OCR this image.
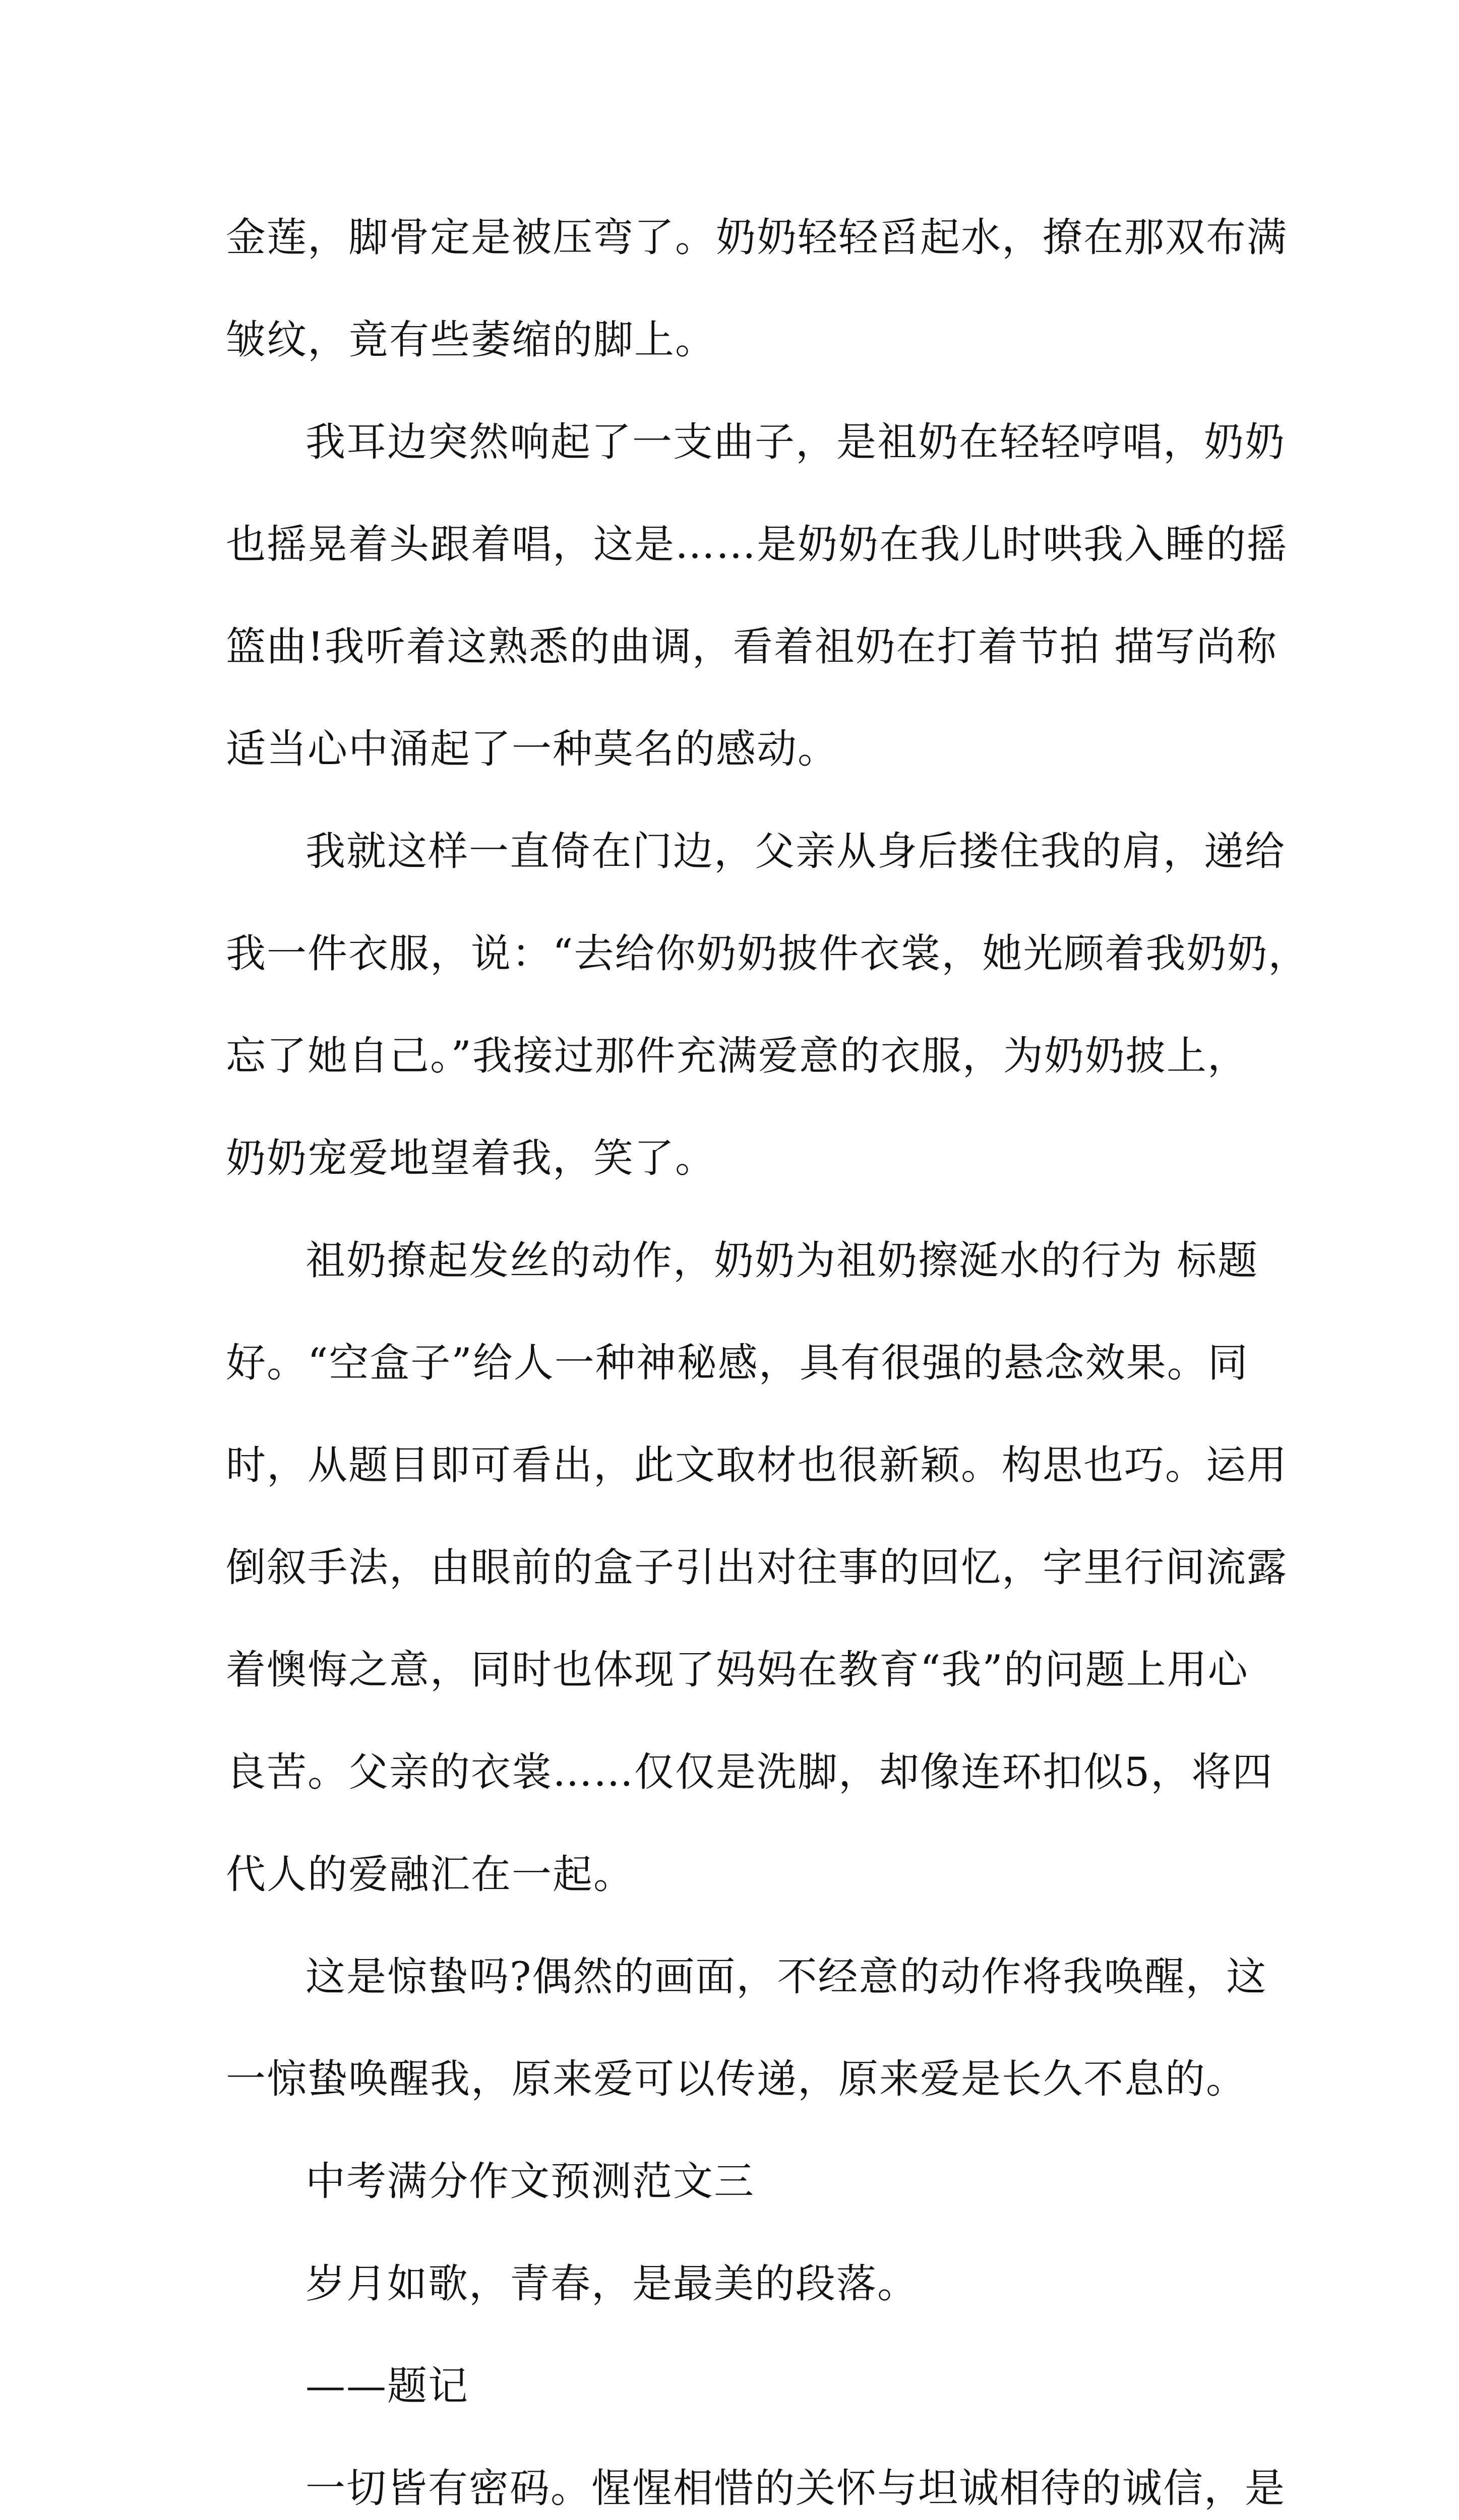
金莲，脚骨定是被压弯了。奶奶轻轻舀起水，撩在那双布满
皱纹，竟有些萎缩的脚上。
我耳边突然响起了一支曲子，是祖奶在轻轻哼唱，奶奶
也摇晃着头跟着唱，这是……是奶奶在我儿时哄我入睡的摇
篮曲!我听着这熟悉的曲调，看着祖奶在打着节拍 描写尚称
适当心中涌起了一种莫名的感动。
我就这样一直倚在门边，父亲从身后搂住我的肩，递给
我一件衣服，说：“去给你奶奶披件衣裳，她光顾着我奶奶，
忘了她自己。”我接过那件充满爱意的衣服，为奶奶披上，
奶奶宠爱地望着我，笑了。
祖奶撩起发丝的动作，奶奶为祖奶擦涎水的行为 标题
好。“空盒子”给人一种神秘感，具有很强的悬念效果。同
时，从题目即可看出，此文取材也很新颖。构思也巧。运用
倒叙手法，由眼前的盒子引出对往事的回忆，字里行间流露
着懊悔之意，同时也体现了妈妈在教育“我”的问题上用心
良苦。父亲的衣裳……仅仅是洗脚，却像连环扣似5，将四
代人的爱融汇在一起。
这是惊蛰吗?偶然的画面，不经意的动作将我唤醒，这
一惊蛰唤醒我，原来爱可以传递，原来爱是长久不息的。
中考满分作文预测范文三
岁月如歌，青春，是最美的段落。
——题记
一切皆有密码。惺惺相惜的关怀与坦诚相待的诚信，是
